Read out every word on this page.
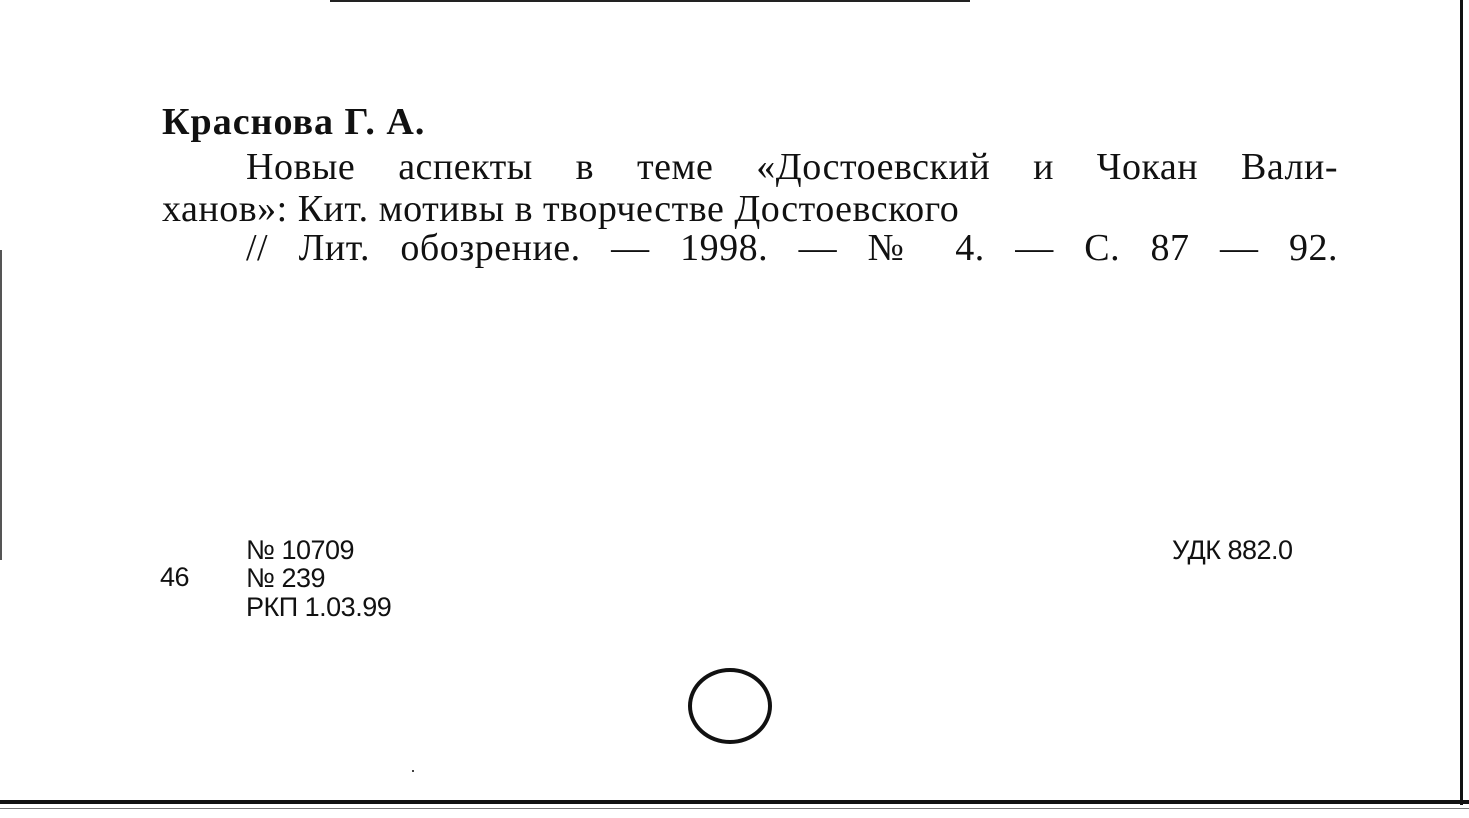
Краснова Г. А.
Новые аспекты в теме «Достоевский и Чокан Вали-
ханов»: Кит. мотивы в творчестве Достоевского
// Лит. обозрение. — 1998. — № 4. — С. 87 — 92.
46
№ 10709
№ 239
РКП 1.03.99
УДК 882.0
